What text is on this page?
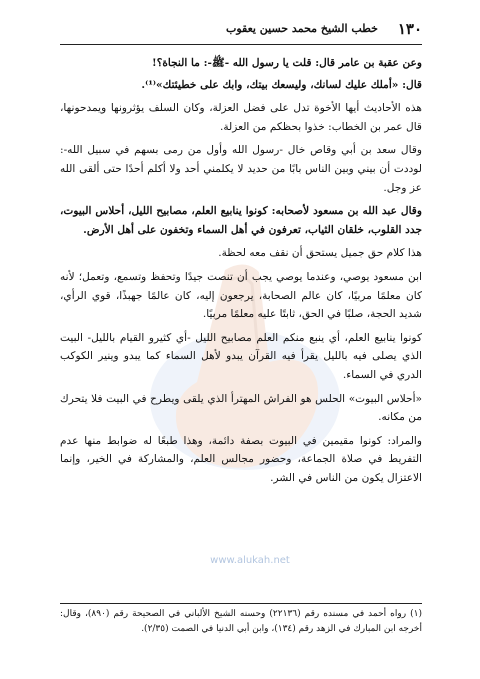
١٣٠
خطب الشيخ محمد حسين يعقوب
www.alukah.net

وعن عقبة بن عامر قال: قلت يا رسول الله -ﷺ-: ما النجاة؟!

قال: «أملك عليك لسانك، وليسعك بيتك، وابك على خطيئتك»⁽¹⁾.

هذه الأحاديث أيها الأخوة تدل على فضل العزلة، وكان السلف يؤثرونها ويمدحونها، قال عمر بن الخطاب: خذوا بحظكم من العزلة.

وقال سعد بن أبي وقاص خال -رسول الله وأول من رمى بسهم في سبيل الله-: لوددت أن بيني وبين الناس بابًا من حديد لا يكلمني أحد ولا أكلم أحدًا حتى ألقى الله عز وجل.

وقال عبد الله بن مسعود لأصحابه: كونوا ينابيع العلم، مصابيح الليل، أحلاس البيوت، جدد القلوب، خلقان الثياب، تعرفون في أهل السماء وتخفون على أهل الأرض.

هذا كلام حق جميل يستحق أن نقف معه لحظة.

ابن مسعود يوصي، وعندما يوصي يجب أن تنصت جيدًا وتحفظ وتسمع، وتعمل؛ لأنه كان معلمًا مربيًا، كان عالم الصحابة، يرجعون إليه، كان عالمًا جهبذًا، قوي الرأي، شديد الحجة، صلبًا في الحق، ثابتًا عليه معلمًا مربيًا.

كونوا ينابيع العلم، أي ينبع منكم العلم مصابيح الليل -أي كثيرو القيام بالليل- البيت الذي يصلى فيه بالليل يقرأ فيه القرآن يبدو لأهل السماء كما يبدو وينير الكوكب الدري في السماء.

«أحلاس البيوت» الحلس هو الفراش المهترأ الذي يلقى ويطرح في البيت فلا يتحرك من مكانه.

والمراد: كونوا مقيمين في البيوت بصفة دائمة، وهذا طبعًا له ضوابط منها عدم التفريط في صلاة الجماعة، وحضور مجالس العلم، والمشاركة في الخير، وإنما الاعتزال يكون من الناس في الشر.

(١) رواه أحمد في مسنده رقم (٢٢١٣٦) وحسنه الشيخ الألباني في الصحيحة رقم (٨٩٠)، وقال: أخرجه ابن المبارك في الزهد رقم (١٣٤)، وابن أبي الدنيا في الصمت (٢/٣٥).
